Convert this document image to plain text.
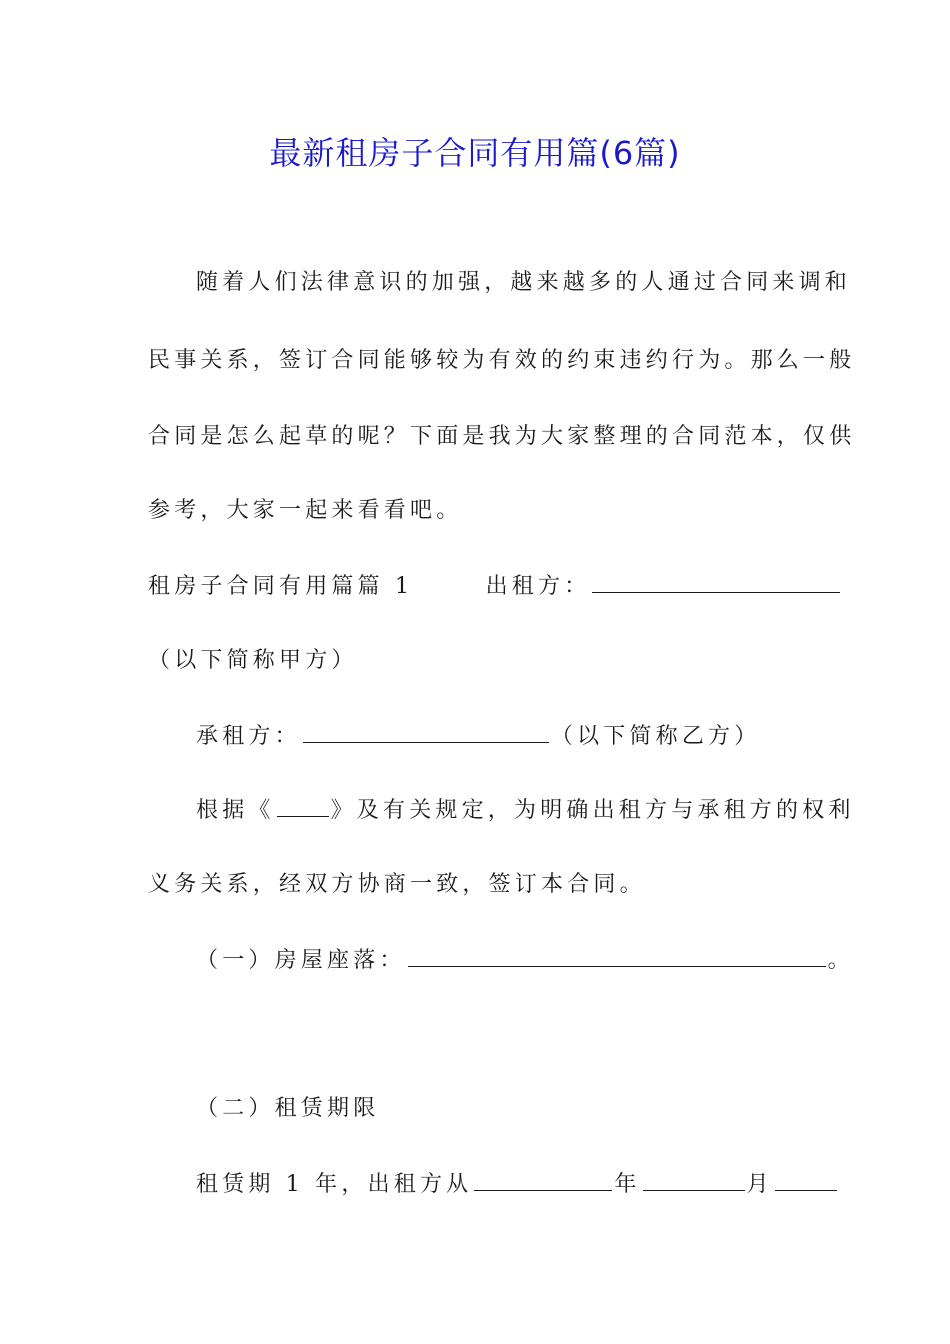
最新租房子合同有用篇(6篇)
随着人们法律意识的加强，越来越多的人通过合同来调和
民事关系，签订合同能够较为有效的约束违约行为。那么一般
合同是怎么起草的呢？下面是我为大家整理的合同范本，仅供
参考，大家一起来看看吧。
租房子合同有用篇篇 1	出租方：
（以下简称甲方）
承租方：	（以下简称乙方）
根据《	》及有关规定，为明确出租方与承租方的权利
义务关系，经双方协商一致，签订本合同。
（一）房屋座落：	。
（二）租赁期限
租赁期 1 年，出租方从	年	月
